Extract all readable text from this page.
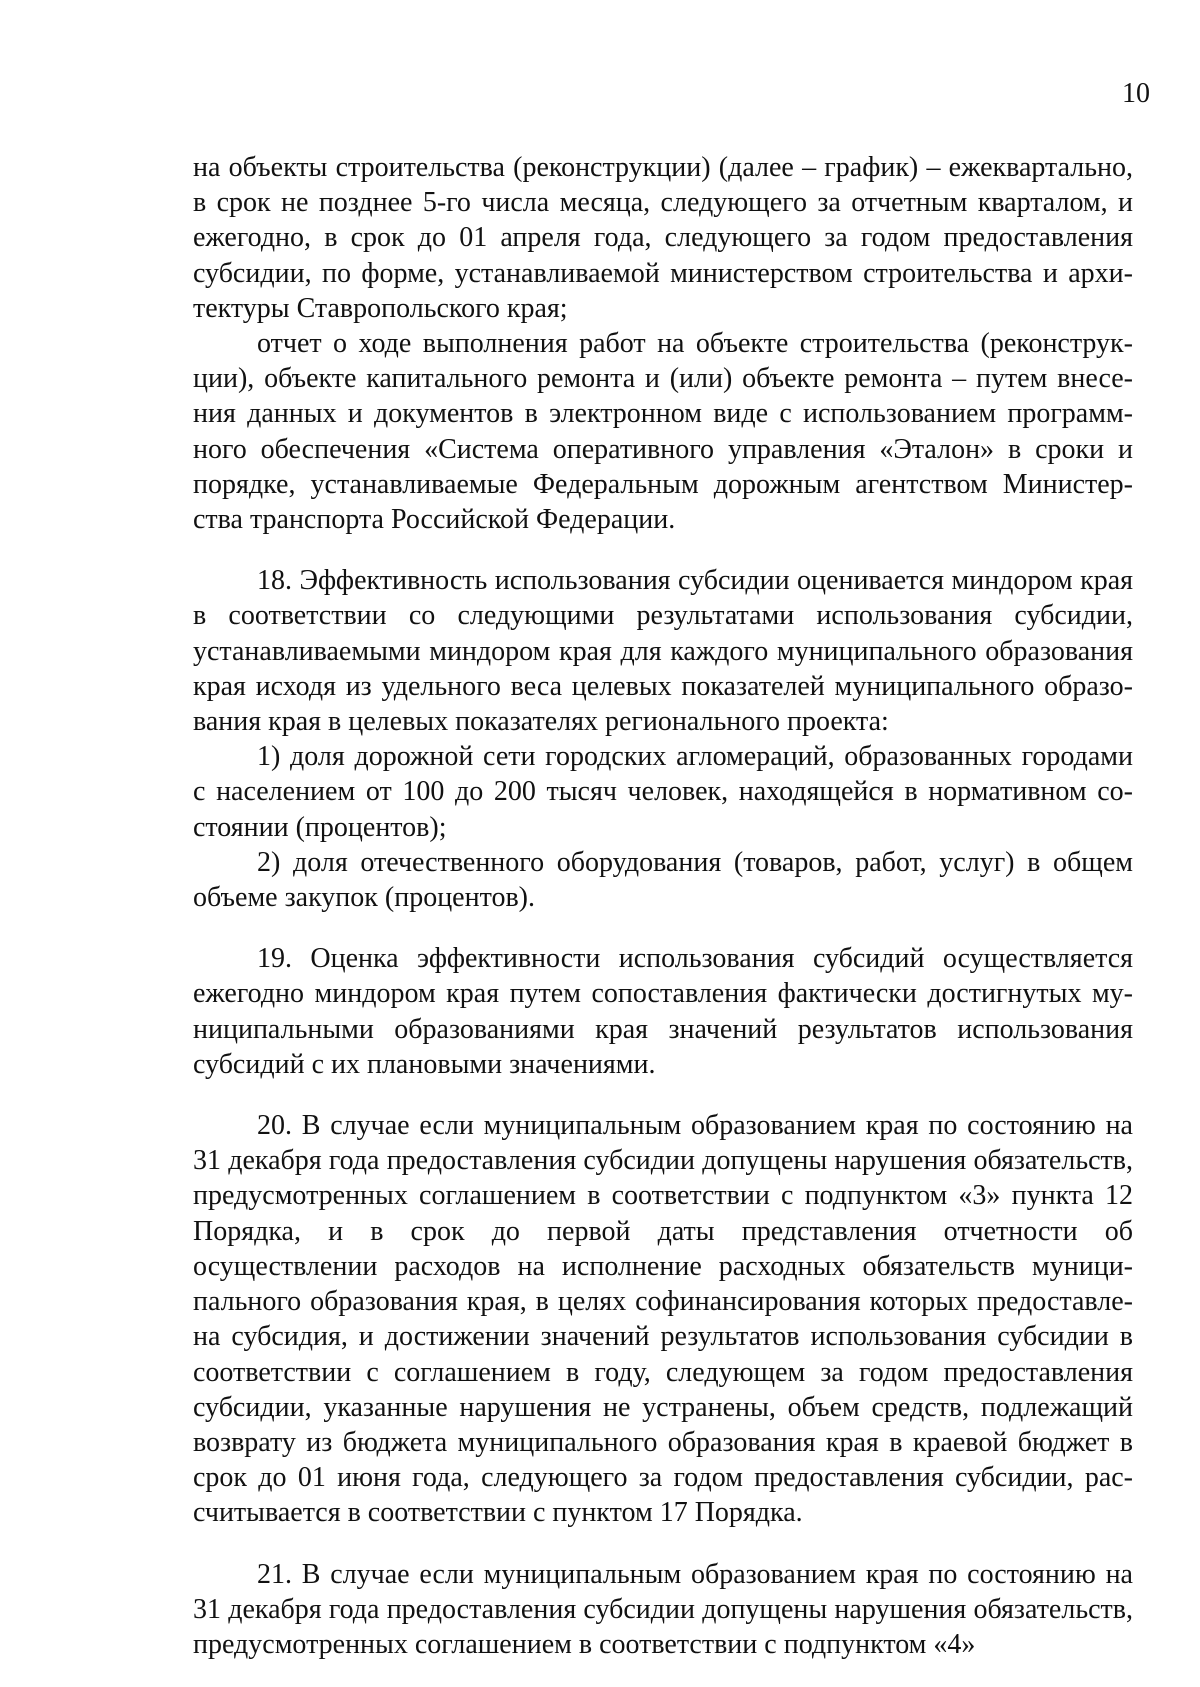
10

на объекты строительства (реконструкции) (далее – график) – ежеквартально, в срок не позднее 5-го числа месяца, следующего за отчетным кварталом, и ежегодно, в срок до 01 апреля года, следующего за годом предоставления субсидии, по форме, устанавливаемой министерством строительства и архитектуры Ставропольского края;

отчет о ходе выполнения работ на объекте строительства (реконструкции), объекте капитального ремонта и (или) объекте ремонта – путем внесения данных и документов в электронном виде с использованием программного обеспечения «Система оперативного управления «Эталон» в сроки и порядке, устанавливаемые Федеральным дорожным агентством Министерства транспорта Российской Федерации.

18. Эффективность использования субсидии оценивается миндором края в соответствии со следующими результатами использования субсидии, устанавливаемыми миндором края для каждого муниципального образования края исходя из удельного веса целевых показателей муниципального образования края в целевых показателях регионального проекта:

1) доля дорожной сети городских агломераций, образованных городами с населением от 100 до 200 тысяч человек, находящейся в нормативном состоянии (процентов);

2) доля отечественного оборудования (товаров, работ, услуг) в общем объеме закупок (процентов).

19. Оценка эффективности использования субсидий осуществляется ежегодно миндором края путем сопоставления фактически достигнутых муниципальными образованиями края значений результатов использования субсидий с их плановыми значениями.

20. В случае если муниципальным образованием края по состоянию на 31 декабря года предоставления субсидии допущены нарушения обязательств, предусмотренных соглашением в соответствии с подпунктом «3» пункта 12 Порядка, и в срок до первой даты представления отчетности об осуществлении расходов на исполнение расходных обязательств муниципального образования края, в целях софинансирования которых предоставлена субсидия, и достижении значений результатов использования субсидии в соответствии с соглашением в году, следующем за годом предоставления субсидии, указанные нарушения не устранены, объем средств, подлежащий возврату из бюджета муниципального образования края в краевой бюджет в срок до 01 июня года, следующего за годом предоставления субсидии, рассчитывается в соответствии с пунктом 17 Порядка.

21. В случае если муниципальным образованием края по состоянию на 31 декабря года предоставления субсидии допущены нарушения обязательств, предусмотренных соглашением в соответствии с подпунктом «4»
